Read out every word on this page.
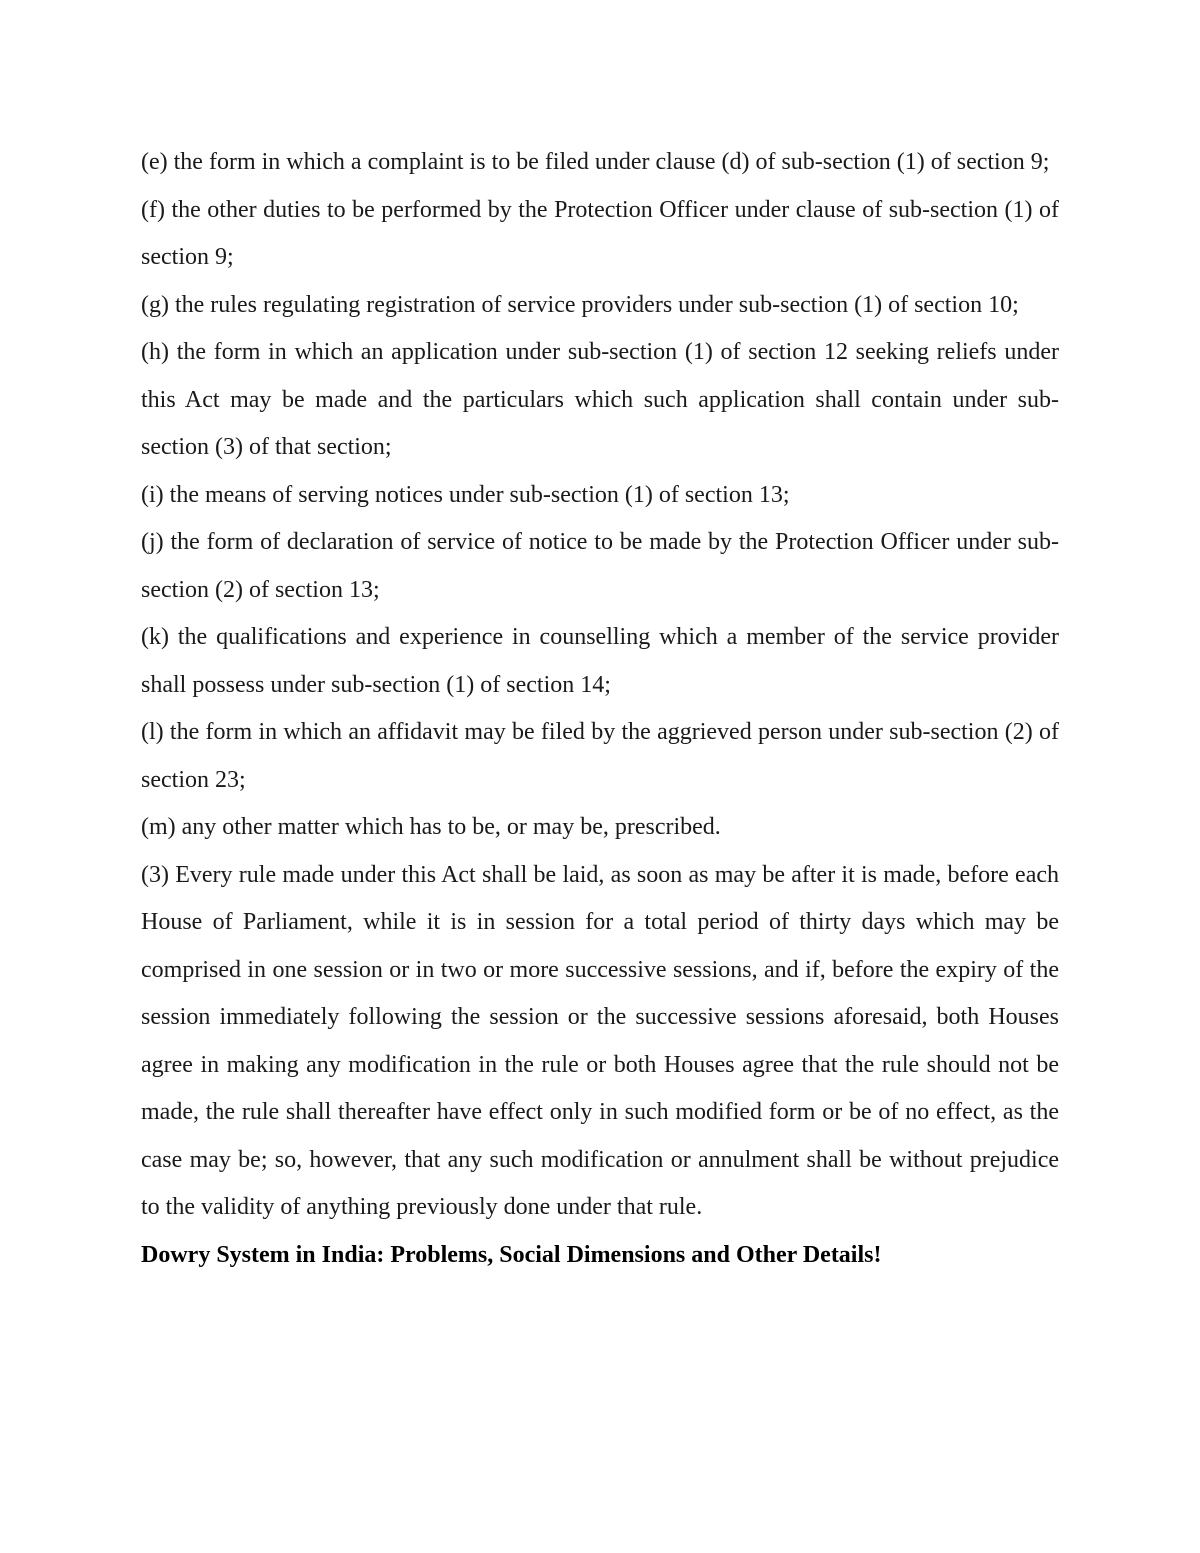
(e) the form in which a complaint is to be filed under clause (d) of sub-section (1) of section 9;

(f) the other duties to be performed by the Protection Officer under clause of sub-section (1) of section 9;

(g) the rules regulating registration of service providers under sub-section (1) of section 10;

(h) the form in which an application under sub-section (1) of section 12 seeking reliefs under this Act may be made and the particulars which such application shall contain under sub-section (3) of that section;

(i) the means of serving notices under sub-section (1) of section 13;

(j) the form of declaration of service of notice to be made by the Protection Officer under sub-section (2) of section 13;

(k) the qualifications and experience in counselling which a member of the service provider shall possess under sub-section (1) of section 14;

(l) the form in which an affidavit may be filed by the aggrieved person under sub-section (2) of section 23;

(m) any other matter which has to be, or may be, prescribed.

(3) Every rule made under this Act shall be laid, as soon as may be after it is made, before each House of Parliament, while it is in session for a total period of thirty days which may be comprised in one session or in two or more successive sessions, and if, before the expiry of the session immediately following the session or the successive sessions aforesaid, both Houses agree in making any modification in the rule or both Houses agree that the rule should not be made, the rule shall thereafter have effect only in such modified form or be of no effect, as the case may be; so, however, that any such modification or annulment shall be without prejudice to the validity of anything previously done under that rule.

Dowry System in India: Problems, Social Dimensions and Other Details!
